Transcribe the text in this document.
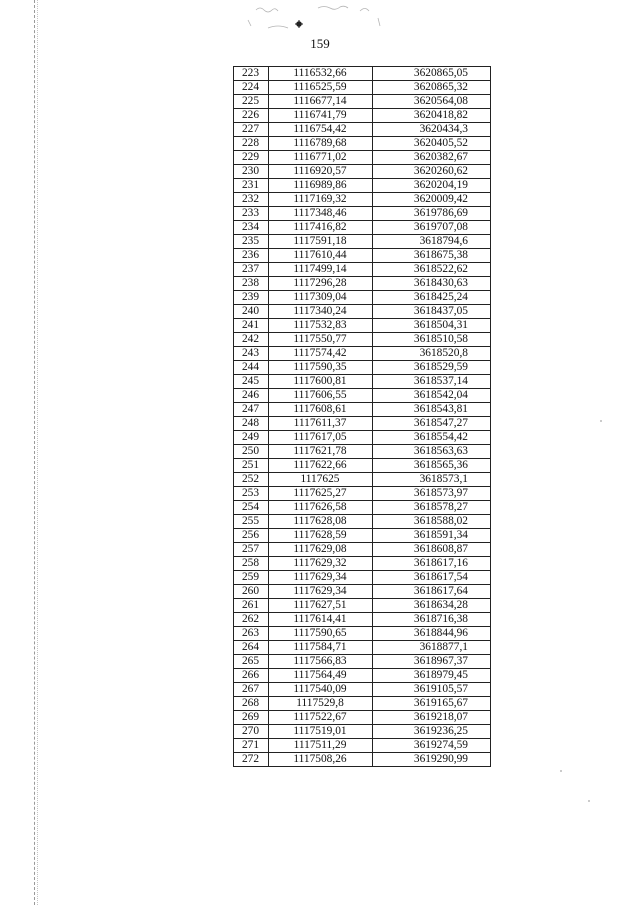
159
223	1116532,66	3620865,05
224	1116525,59	3620865,32
225	1116677,14	3620564,08
226	1116741,79	3620418,82
227	1116754,42	3620434,3
228	1116789,68	3620405,52
229	1116771,02	3620382,67
230	1116920,57	3620260,62
231	1116989,86	3620204,19
232	1117169,32	3620009,42
233	1117348,46	3619786,69
234	1117416,82	3619707,08
235	1117591,18	3618794,6
236	1117610,44	3618675,38
237	1117499,14	3618522,62
238	1117296,28	3618430,63
239	1117309,04	3618425,24
240	1117340,24	3618437,05
241	1117532,83	3618504,31
242	1117550,77	3618510,58
243	1117574,42	3618520,8
244	1117590,35	3618529,59
245	1117600,81	3618537,14
246	1117606,55	3618542,04
247	1117608,61	3618543,81
248	1117611,37	3618547,27
249	1117617,05	3618554,42
250	1117621,78	3618563,63
251	1117622,66	3618565,36
252	1117625	3618573,1
253	1117625,27	3618573,97
254	1117626,58	3618578,27
255	1117628,08	3618588,02
256	1117628,59	3618591,34
257	1117629,08	3618608,87
258	1117629,32	3618617,16
259	1117629,34	3618617,54
260	1117629,34	3618617,64
261	1117627,51	3618634,28
262	1117614,41	3618716,38
263	1117590,65	3618844,96
264	1117584,71	3618877,1
265	1117566,83	3618967,37
266	1117564,49	3618979,45
267	1117540,09	3619105,57
268	1117529,8	3619165,67
269	1117522,67	3619218,07
270	1117519,01	3619236,25
271	1117511,29	3619274,59
272	1117508,26	3619290,99
